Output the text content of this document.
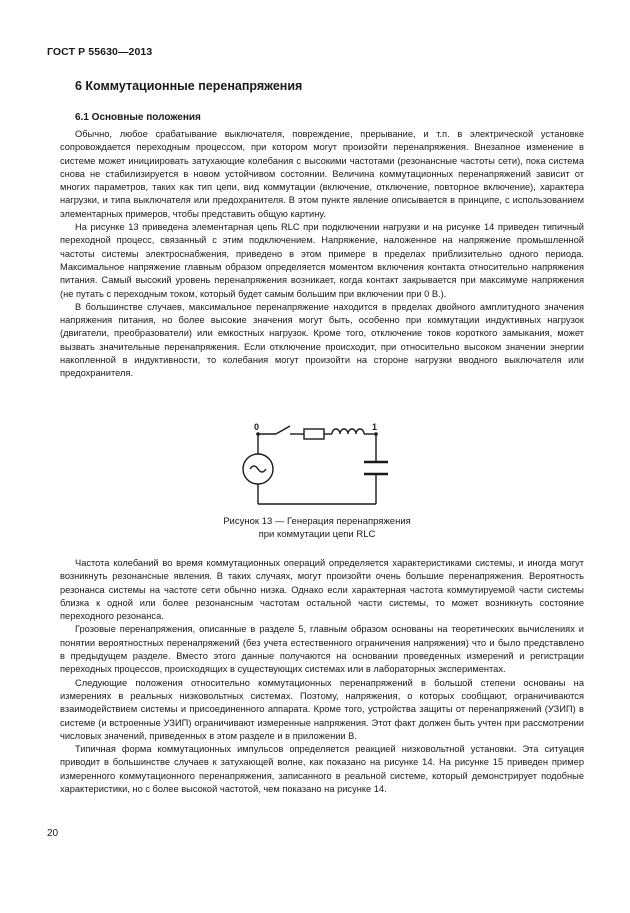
ГОСТ Р 55630—2013
6 Коммутационные перенапряжения
6.1 Основные положения

Обычно, любое срабатывание выключателя, повреждение, прерывание, и т.п. в электрической установке сопровождается переходным процессом, при котором могут произойти перенапряжения. Внезапное изменение в системе может инициировать затухающие колебания с высокими частотами (резонансные частоты сети), пока система снова не стабилизируется в новом устойчивом состоянии. Величина коммутационных перенапряжений зависит от многих параметров, таких как тип цепи, вид коммутации (включение, отключение, повторное включение), характера нагрузки, и типа выключателя или предохранителя. В этом пункте явление описывается в принципе, с использованием элементарных примеров, чтобы представить общую картину.

На рисунке 13 приведена элементарная цепь RLC при подключении нагрузки и на рисунке 14 приведен типичный переходной процесс, связанный с этим подключением. Напряжение, наложенное на напряжение промышленной частоты системы электроснабжения, приведено в этом примере в пределах приблизительно одного периода. Максимальное напряжение главным образом определяется моментом включения контакта относительно напряжения питания. Самый высокий уровень перенапряжения возникает, когда контакт закрывается при максимуме напряжения (не путать с переходным током, который будет самым большим при включении при 0 В.).

В большинстве случаев, максимальное перенапряжение находится в пределах двойного амплитудного значения напряжения питания, но более высокие значения могут быть, особенно при коммутации индуктивных нагрузок (двигатели, преобразователи) или емкостных нагрузок. Кроме того, отключение токов короткого замыкания, может вызвать значительные перенапряжения. Если отключение происходит, при относительно высоком значении энергии накопленной в индуктивности, то колебания могут произойти на стороне нагрузки вводного выключателя или предохранителя.

0	1
Рисунок 13 — Генерация перенапряжения
при коммутации цепи RLC

Частота колебаний во время коммутационных операций определяется характеристиками системы, и иногда могут возникнуть резонансные явления. В таких случаях, могут произойти очень большие перенапряжения. Вероятность резонанса системы на частоте сети обычно низка. Однако если характерная частота коммутируемой части системы близка к одной или более резонансным частотам остальной части системы, то может возникнуть состояние переходного резонанса.

Грозовые перенапряжения, описанные в разделе 5, главным образом основаны на теоретических вычислениях и понятии вероятностных перенапряжений (без учета естественного ограничения напряжения) что и было представлено в предыдущем разделе. Вместо этого данные получаются на основании проведенных измерений и регистрации переходных процессов, происходящих в существующих системах или в лабораторных экспериментах.

Следующие положения относительно коммутационных перенапряжений в большой степени основаны на измерениях в реальных низковольтных системах. Поэтому, напряжения, о которых сообщают, ограничиваются взаимодействием системы и присоединенного аппарата. Кроме того, устройства защиты от перенапряжений (УЗИП) в системе (и встроенные УЗИП) ограничивают измеренные напряжения. Этот факт должен быть учтен при рассмотрении числовых значений, приведенных в этом разделе и в приложении В.

Типичная форма коммутационных импульсов определяется реакцией низковольтной установки. Эта ситуация приводит в большинстве случаев к затухающей волне, как показано на рисунке 14. На рисунке 15 приведен пример измеренного коммутационного перенапряжения, записанного в реальной системе, который демонстрирует подобные характеристики, но с более высокой частотой, чем показано на рисунке 14.

20
